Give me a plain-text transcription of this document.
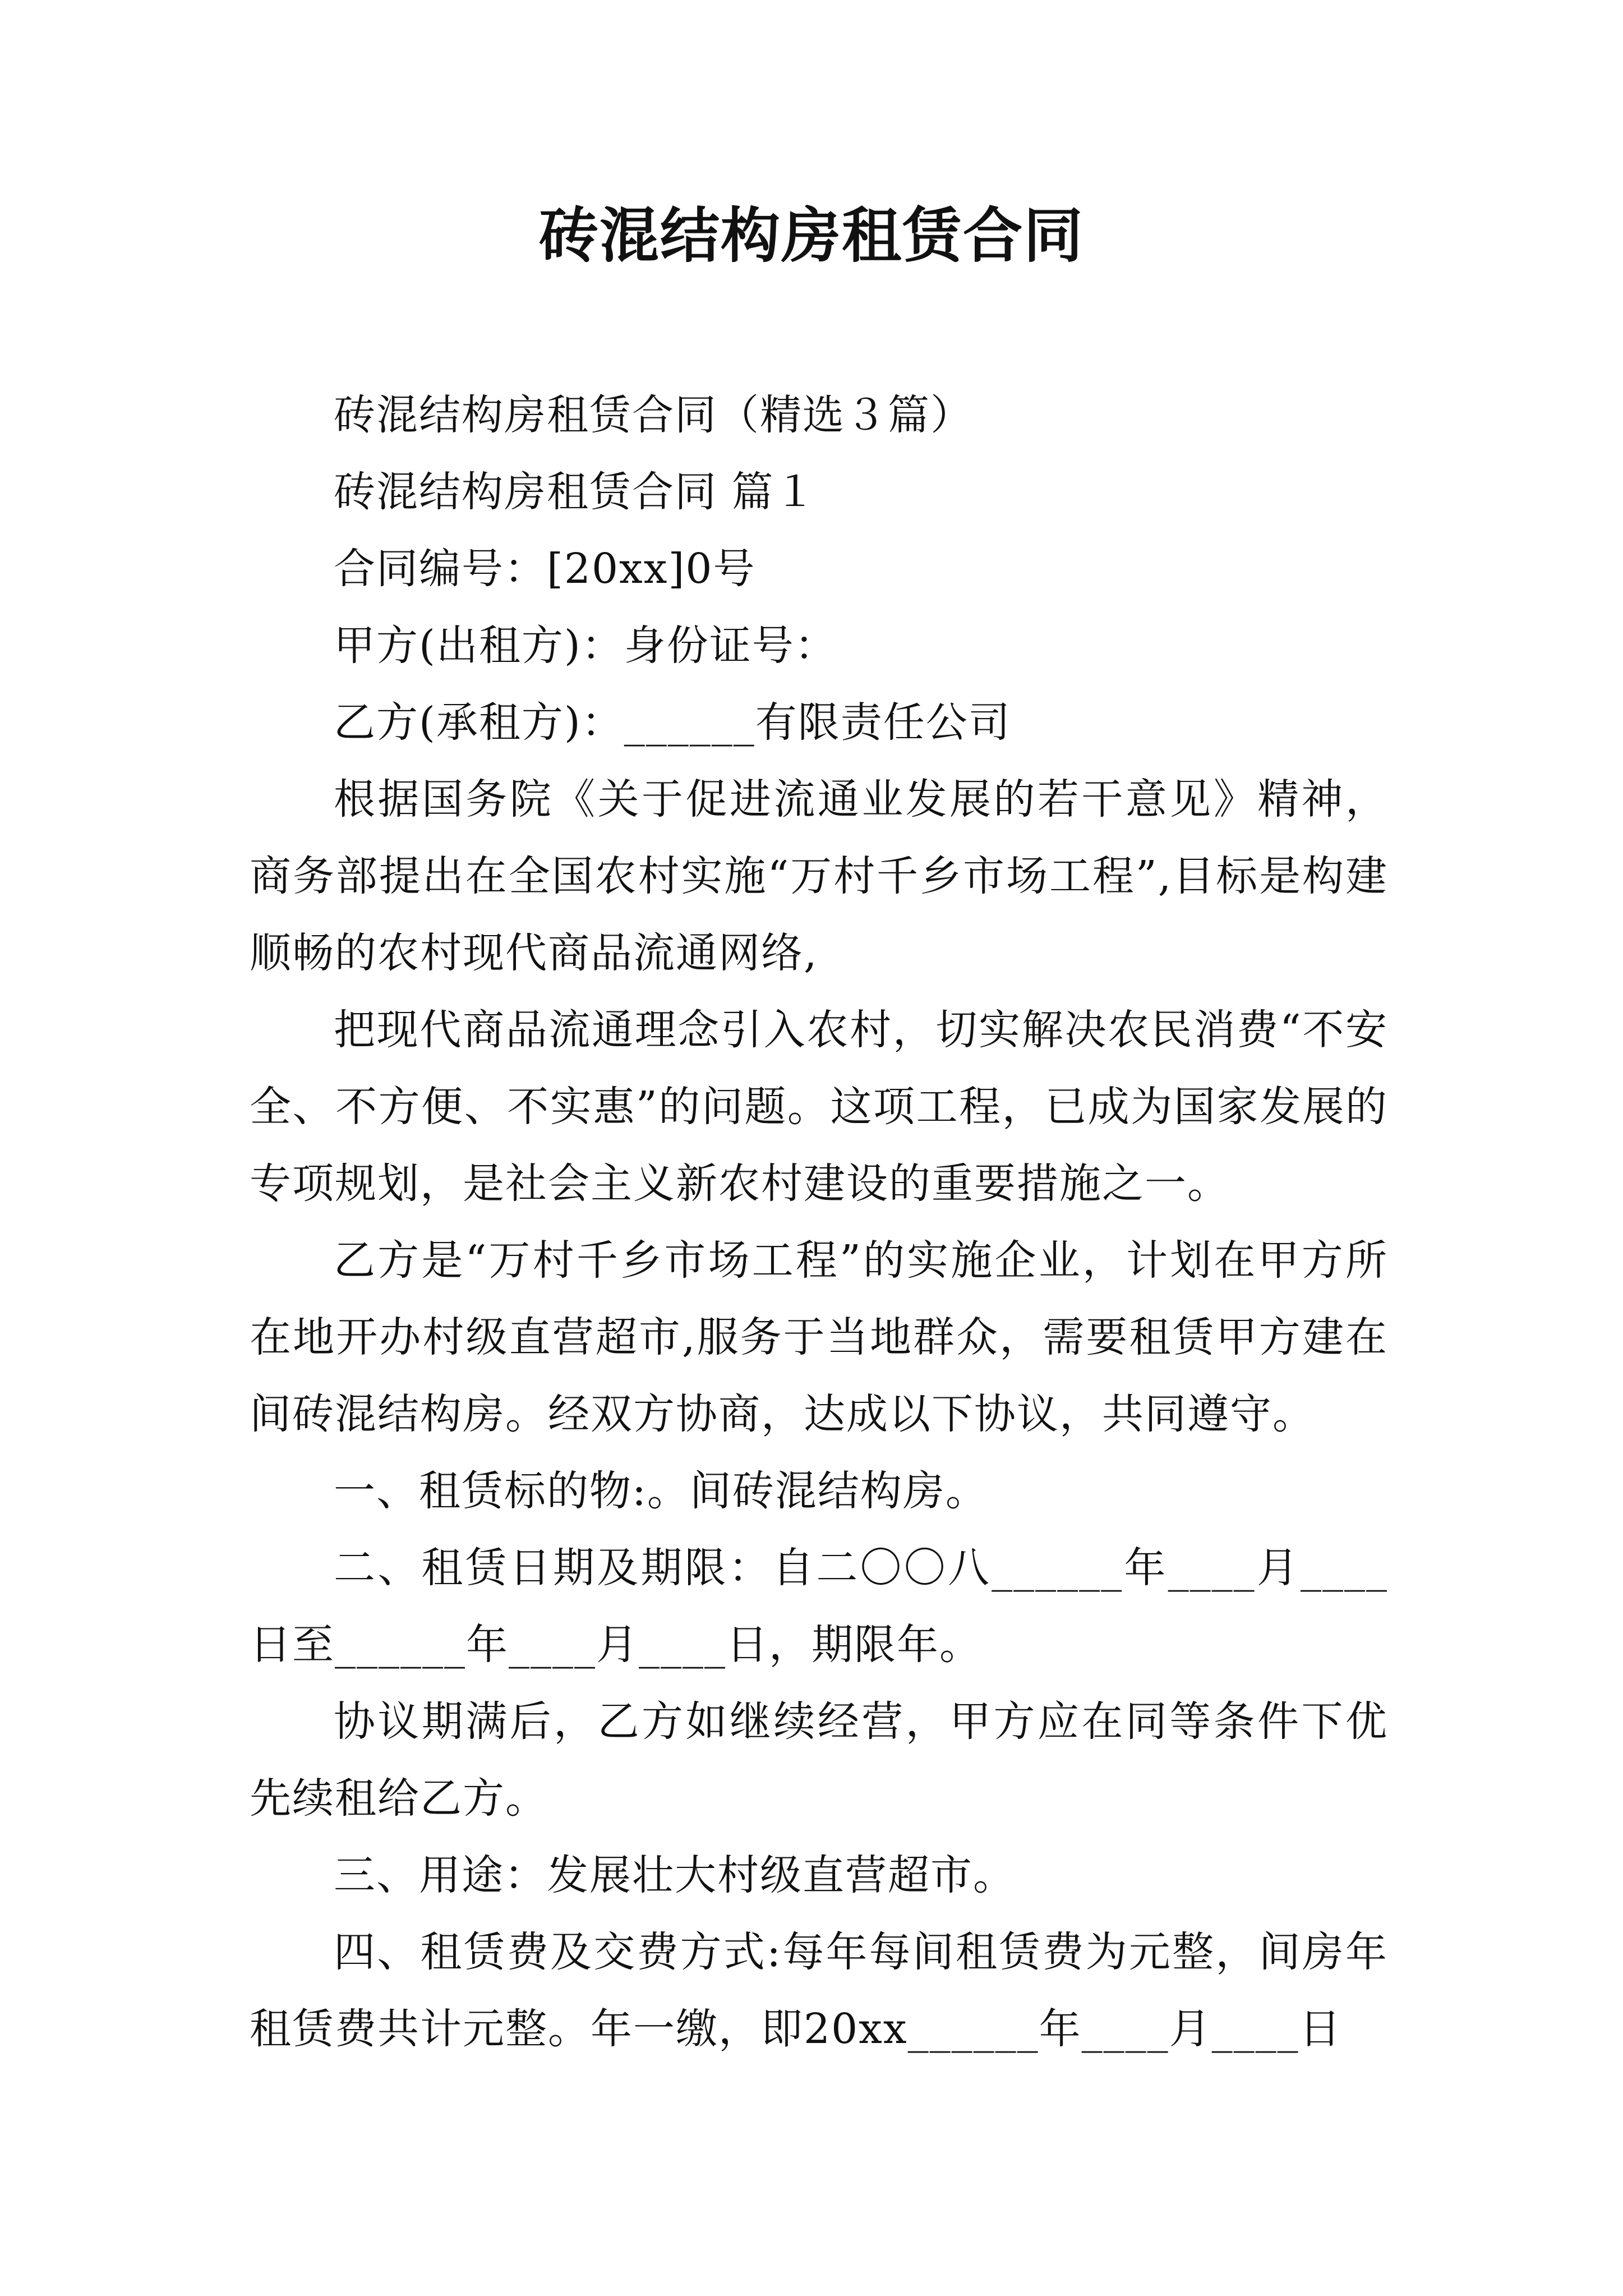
砖混结构房租赁合同

砖混结构房租赁合同（精选３篇）

砖混结构房租赁合同 篇１

合同编号：[20xx]0号

甲方(出租方)：身份证号：

乙方(承租方)：______有限责任公司

根据国务院《关于促进流通业发展的若干意见》精神，商务部提出在全国农村实施“万村千乡市场工程”,目标是构建顺畅的农村现代商品流通网络,

把现代商品流通理念引入农村，切实解决农民消费“不安全、不方便、不实惠”的问题。这项工程，已成为国家发展的专项规划，是社会主义新农村建设的重要措施之一。

乙方是“万村千乡市场工程”的实施企业，计划在甲方所在地开办村级直营超市,服务于当地群众，需要租赁甲方建在间砖混结构房。经双方协商，达成以下协议，共同遵守。

一、租赁标的物:。间砖混结构房。

二、租赁日期及期限：自二〇〇八______年____月____日至______年____月____日，期限年。

协议期满后，乙方如继续经营，甲方应在同等条件下优先续租给乙方。

三、用途：发展壮大村级直营超市。

四、租赁费及交费方式:每年每间租赁费为元整，间房年租赁费共计元整。年一缴，即20xx______年____月____日
